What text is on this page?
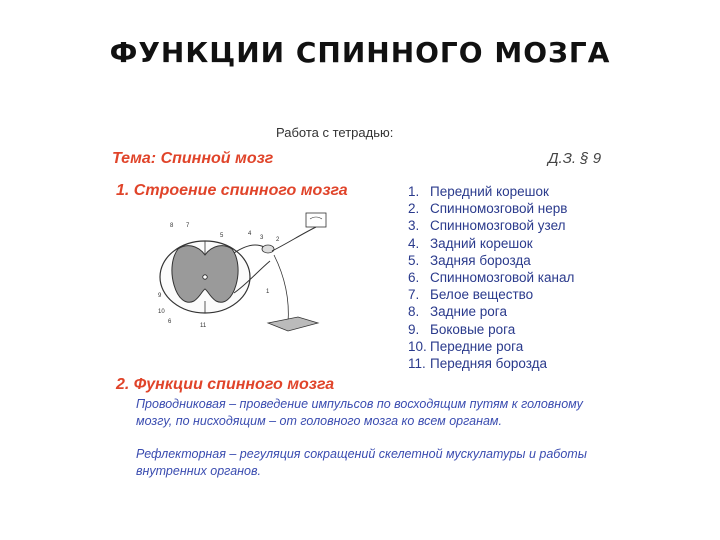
ФУНКЦИИ СПИННОГО МОЗГА
Работа с тетрадью:
Тема: Спинной мозг	Д.З. § 9
1. Строение спинного мозга
1
2
3
4
5
6
7
8
9
10
11
1. Передний корешок
2. Спинномозговой нерв
3. Спинномозговой узел
4. Задний корешок
5. Задняя борозда
6. Спинномозговой канал
7. Белое вещество
8. Задние рога
9. Боковые рога
10. Передние рога
11. Передняя борозда
2. Функции спинного мозга
Проводниковая – проведение импульсов по восходящим путям к головному мозгу, по нисходящим – от головного мозга ко всем органам.
Рефлекторная – регуляция сокращений скелетной мускулатуры и работы внутренних органов.
